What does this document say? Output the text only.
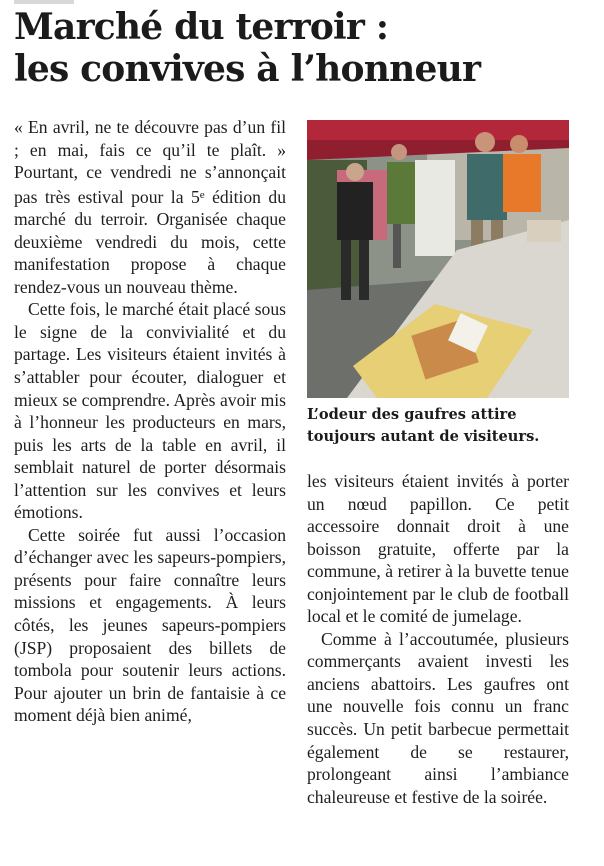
Marché du terroir :
les convives à l’honneur

« En avril, ne te découvre pas d’un fil ; en mai, fais ce qu’il te plaît. » Pourtant, ce vendredi ne s’annonçait pas très estival pour la 5e édition du marché du terroir. Organisée chaque deuxième vendredi du mois, cette manifestation propose à chaque rendez-vous un nouveau thème.

Cette fois, le marché était placé sous le signe de la convivialité et du partage. Les visiteurs étaient invités à s’attabler pour écouter, dialoguer et mieux se comprendre. Après avoir mis à l’honneur les producteurs en mars, puis les arts de la table en avril, il semblait naturel de porter désormais l’attention sur les convives et leurs émotions.

Cette soirée fut aussi l’occasion d’échanger avec les sapeurs-pompiers, présents pour faire connaître leurs missions et engagements. À leurs côtés, les jeunes sapeurs-pompiers (JSP) proposaient des billets de tombola pour soutenir leurs actions. Pour ajouter un brin de fantaisie à ce moment déjà bien animé,

L’odeur des gaufres attire
toujours autant de visiteurs.

les visiteurs étaient invités à porter un nœud papillon. Ce petit accessoire donnait droit à une boisson gratuite, offerte par la commune, à retirer à la buvette tenue conjointement par le club de football local et le comité de jumelage.

Comme à l’accoutumée, plusieurs commerçants avaient investi les anciens abattoirs. Les gaufres ont une nouvelle fois connu un franc succès. Un petit barbecue permettait également de se restaurer, prolongeant ainsi l’ambiance chaleureuse et festive de la soirée.
